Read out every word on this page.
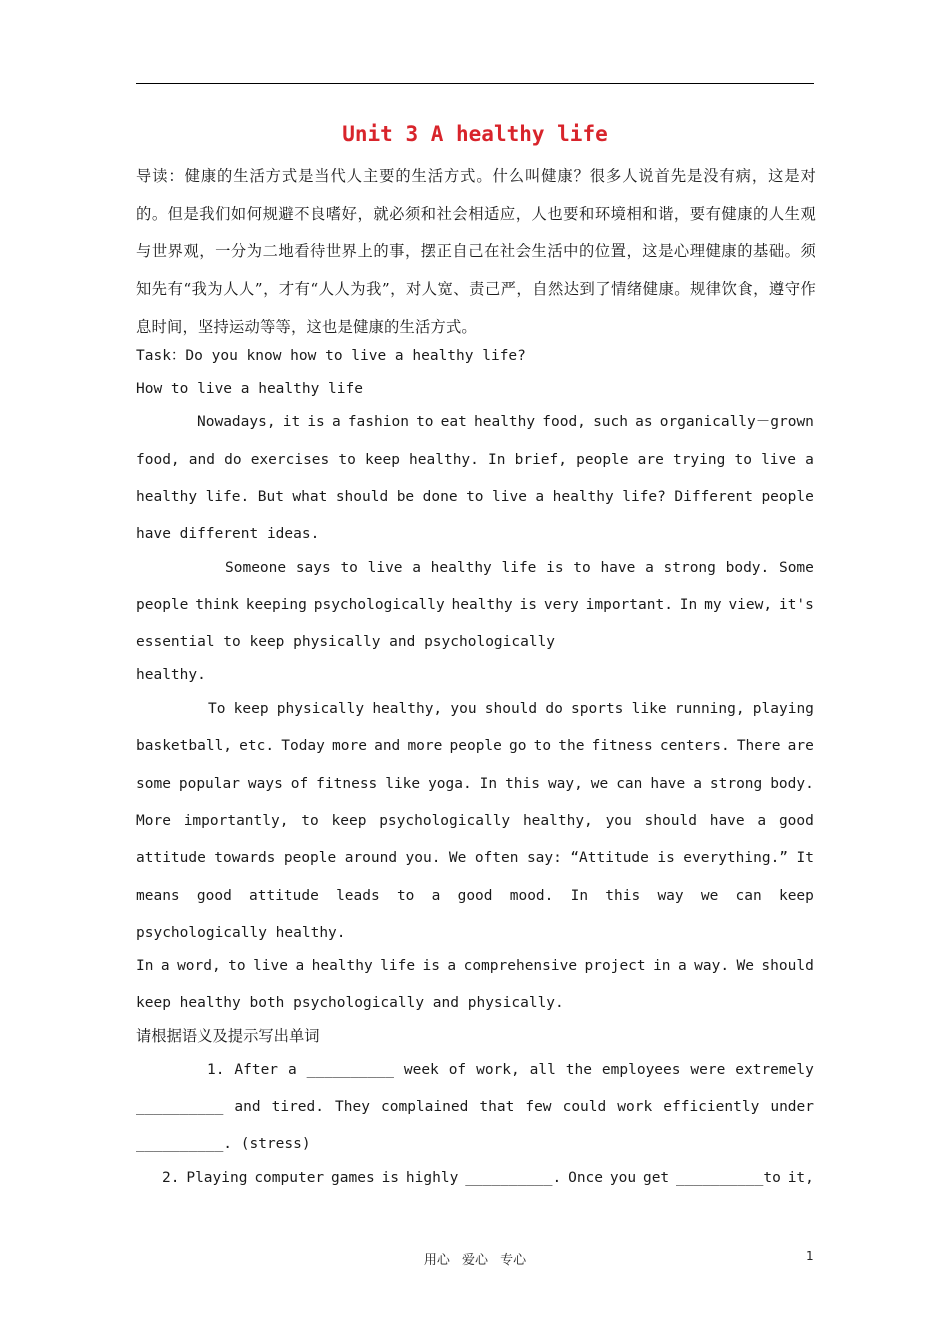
Unit 3 A healthy life
导读：健康的生活方式是当代人主要的生活方式。什么叫健康？很多人说首先是没有病，这是对的。但是我们如何规避不良嗜好，就必须和社会相适应，人也要和环境相和谐，要有健康的人生观与世界观，一分为二地看待世界上的事，摆正自己在社会生活中的位置，这是心理健康的基础。须知先有“我为人人”，才有“人人为我”，对人宽、责己严，自然达到了情绪健康。规律饮食，遵守作息时间，坚持运动等等，这也是健康的生活方式。
Task：Do you know how to live a healthy life?
How to live a healthy life
Nowadays, it is a fashion to eat healthy food, such as organically－grown
food, and do exercises to keep healthy. In brief, people are trying to live a
healthy life. But what should be done to live a healthy life? Different people
have different ideas.
Someone says to live a healthy life is to have a strong body. Some
people think keeping psychologically healthy is very important. In my view, it's
essential to keep physically and psychologically
healthy.
To keep physically healthy, you should do sports like running, playing
basketball, etc. Today more and more people go to the fitness centers. There are
some popular ways of fitness like yoga. In this way, we can have a strong body.
More importantly, to keep psychologically healthy, you should have a good
attitude towards people around you. We often say: “Attitude is everything.” It
means good attitude leads to a good mood. In this way we can keep
psychologically healthy.
In a word, to live a healthy life is a comprehensive project in a way. We should
keep healthy both psychologically and physically.
请根据语义及提示写出单词
1. After a __________ week of work, all the employees were extremely
__________ and tired. They complained that few could work efficiently under
__________. (stress)
2. Playing computer games is highly __________. Once you get __________to it,
用心 爱心 专心	1
